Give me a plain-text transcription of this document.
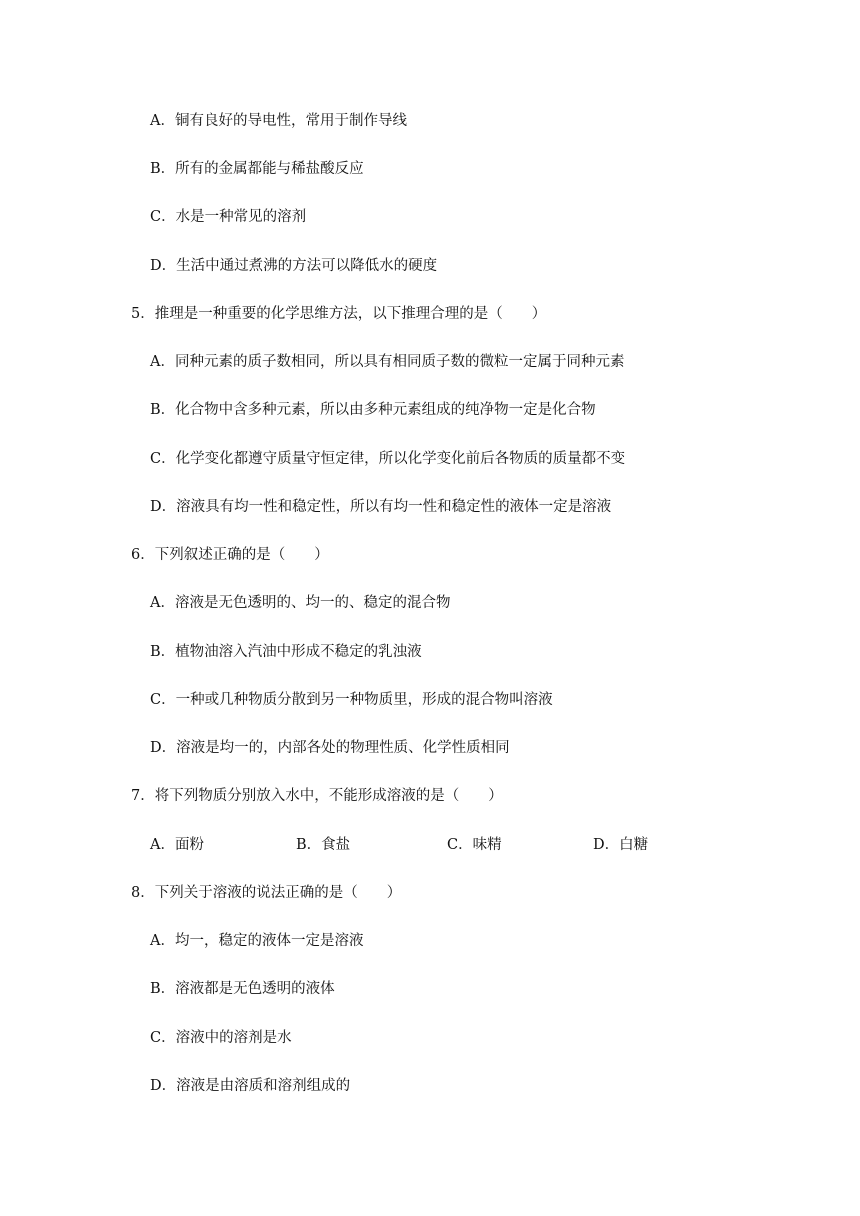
A．铜有良好的导电性，常用于制作导线
B．所有的金属都能与稀盐酸反应
C．水是一种常见的溶剂
D．生活中通过煮沸的方法可以降低水的硬度
5．推理是一种重要的化学思维方法，以下推理合理的是（　　）
A．同种元素的质子数相同，所以具有相同质子数的微粒一定属于同种元素
B．化合物中含多种元素，所以由多种元素组成的纯净物一定是化合物
C．化学变化都遵守质量守恒定律，所以化学变化前后各物质的质量都不变
D．溶液具有均一性和稳定性，所以有均一性和稳定性的液体一定是溶液
6．下列叙述正确的是（　　）
A．溶液是无色透明的、均一的、稳定的混合物
B．植物油溶入汽油中形成不稳定的乳浊液
C．一种或几种物质分散到另一种物质里，形成的混合物叫溶液
D．溶液是均一的，内部各处的物理性质、化学性质相同
7．将下列物质分别放入水中，不能形成溶液的是（　　）
A．面粉	B．食盐	C．味精	D．白糖
8．下列关于溶液的说法正确的是（　　）
A．均一，稳定的液体一定是溶液
B．溶液都是无色透明的液体
C．溶液中的溶剂是水
D．溶液是由溶质和溶剂组成的
